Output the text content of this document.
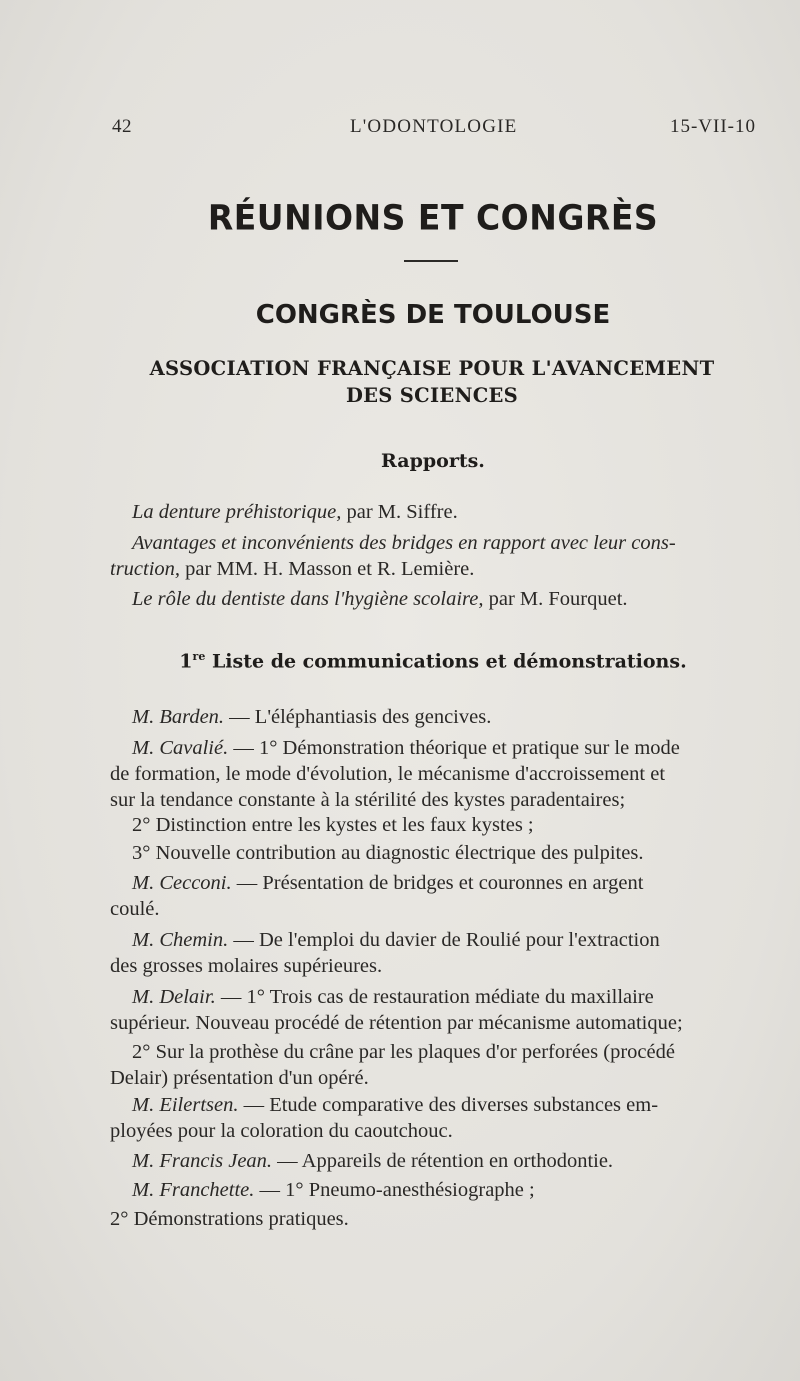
42	L'ODONTOLOGIE	15-VII-10
RÉUNIONS ET CONGRÈS
CONGRÈS DE TOULOUSE
ASSOCIATION FRANÇAISE POUR L'AVANCEMENT
DES SCIENCES
Rapports.
La denture préhistorique, par M. Siffre.
Avantages et inconvénients des bridges en rapport avec leur cons-
truction, par MM. H. Masson et R. Lemière.
Le rôle du dentiste dans l'hygiène scolaire, par M. Fourquet.
1re Liste de communications et démonstrations.
M. Barden. — L'éléphantiasis des gencives.
M. Cavalié. — 1° Démonstration théorique et pratique sur le mode
de formation, le mode d'évolution, le mécanisme d'accroissement et
sur la tendance constante à la stérilité des kystes paradentaires;
2° Distinction entre les kystes et les faux kystes ;
3° Nouvelle contribution au diagnostic électrique des pulpites.
M. Cecconi. — Présentation de bridges et couronnes en argent
coulé.
M. Chemin. — De l'emploi du davier de Roulié pour l'extraction
des grosses molaires supérieures.
M. Delair. — 1° Trois cas de restauration médiate du maxillaire
supérieur. Nouveau procédé de rétention par mécanisme automatique;
2° Sur la prothèse du crâne par les plaques d'or perforées (procédé
Delair) présentation d'un opéré.
M. Eilertsen. — Etude comparative des diverses substances em-
ployées pour la coloration du caoutchouc.
M. Francis Jean. — Appareils de rétention en orthodontie.
M. Franchette. — 1° Pneumo-anesthésiographe ;
2° Démonstrations pratiques.
